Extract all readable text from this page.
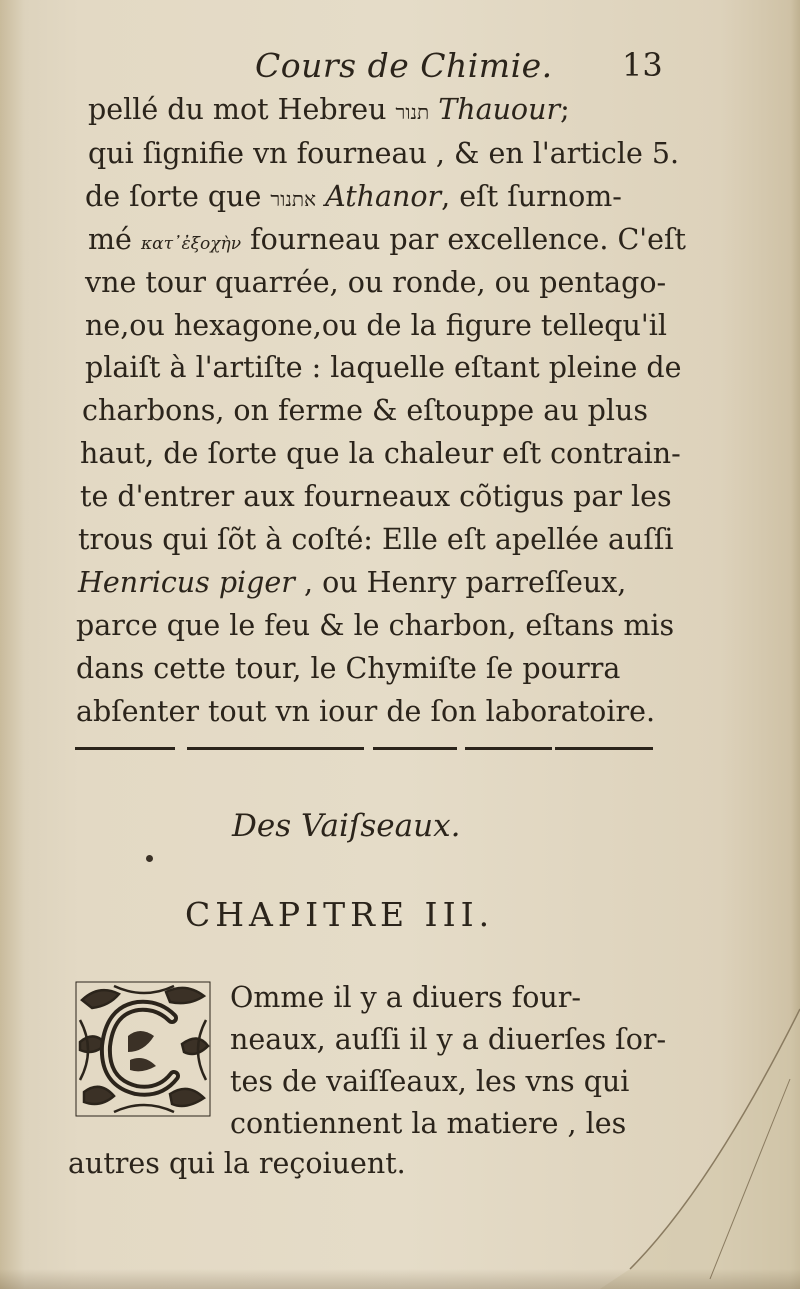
Cours de Chimie. 13
pellé du mot Hebreu תנור Thauour;
qui ſignifie vn fourneau , & en l'article 5.
de ſorte que אתנור Athanor, eſt ſurnom-
mé κατ᾽ἐξοχὴν fourneau par excellence. C'eſt
vne tour quarrée, ou ronde, ou pentago-
ne,ou hexagone,ou de la figure tellequ'il
plaiſt à l'artiſte : laquelle eſtant pleine de
charbons, on ferme & eſtouppe au plus
haut, de ſorte que la chaleur eſt contrain-
te d'entrer aux fourneaux cõtigus par les
trous qui ſõt à coſté: Elle eſt apellée auſſi
Henricus piger , ou Henry parreſſeux,
parce que le feu & le charbon, eſtans mis
dans cette tour, le Chymiſte ſe pourra
abſenter tout vn iour de ſon laboratoire.
Des Vaiſseaux.
CHAPITRE III.
Omme il y a diuers four-
neaux, auſſi il y a diuerſes ſor-
tes de vaiſſeaux, les vns qui
contiennent la matiere , les
autres qui la reçoiuent.
